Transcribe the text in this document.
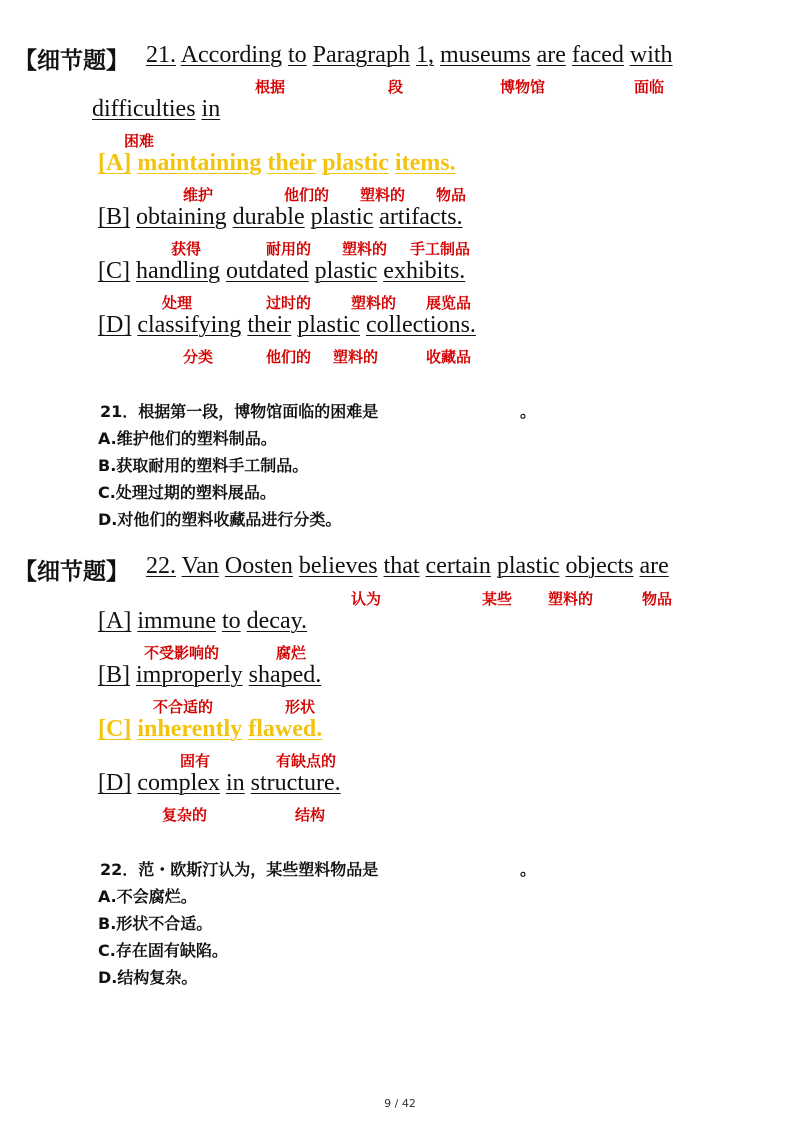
【细节题】 21. According to Paragraph 1, museums are faced with
根据	段	博物馆	面临
difficulties in
困难
[A] maintaining their plastic items.
维护	他们的 塑料的 物品
[B] obtaining durable plastic artifacts.
获得	耐用的 塑料的 手工制品
[C] handling outdated plastic exhibits.
处理	过时的	塑料的 展览品
[D] classifying their plastic collections.
分类	他们的 塑料的	收藏品
21．根据第一段，博物馆面临的困难是	。
A.维护他们的塑料制品。
B.获取耐用的塑料手工制品。
C.处理过期的塑料展品。
D.对他们的塑料收藏品进行分类。
【细节题】 22. Van Oosten believes that certain plastic objects are
认为	某些 塑料的	物品
[A] immune to decay.
不受影响的	腐烂
[B] improperly shaped.
不合适的	形状
[C] inherently flawed.
固有	有缺点的
[D] complex in structure.
复杂的	结构
22．范・欧斯汀认为，某些塑料物品是	。
A.不会腐烂。
B.形状不合适。
C.存在固有缺陷。
D.结构复杂。
9 / 42
